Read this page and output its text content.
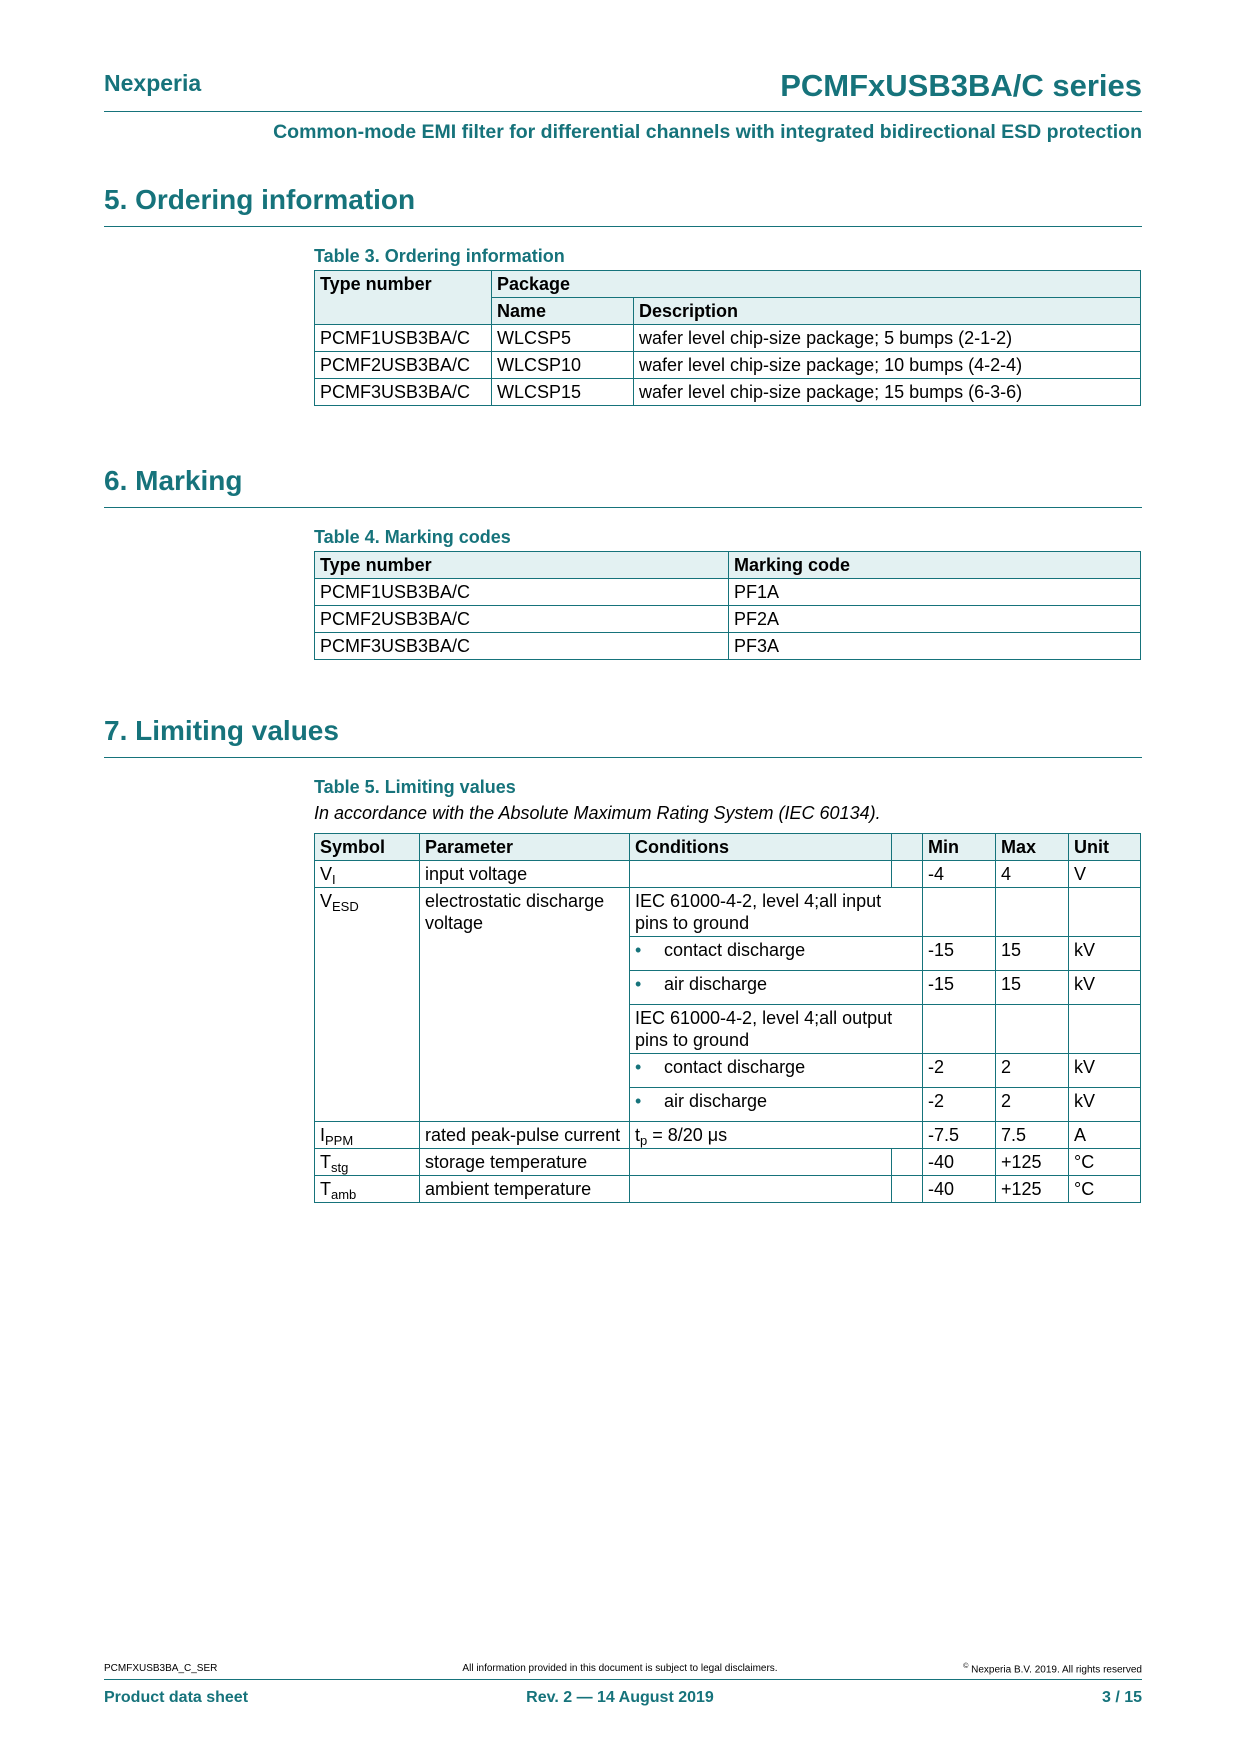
Nexperia	PCMFxUSB3BA/C series
Common-mode EMI filter for differential channels with integrated bidirectional ESD protection
5. Ordering information
Table 3. Ordering information
Type number	Package	
	Name	Description
PCMF1USB3BA/C	WLCSP5	wafer level chip-size package; 5 bumps (2-1-2)
PCMF2USB3BA/C	WLCSP10	wafer level chip-size package; 10 bumps (4-2-4)
PCMF3USB3BA/C	WLCSP15	wafer level chip-size package; 15 bumps (6-3-6)
6. Marking
Table 4. Marking codes
Type number	Marking code
PCMF1USB3BA/C	PF1A
PCMF2USB3BA/C	PF2A
PCMF3USB3BA/C	PF3A
7. Limiting values
Table 5. Limiting values
In accordance with the Absolute Maximum Rating System (IEC 60134).
Symbol	Parameter	Conditions		Min	Max	Unit
$V_I$	input voltage			-4	4	V
$V_{ESD}$	electrostatic discharge voltage	IEC 61000-4-2, level 4;all input pins to ground				
		• contact discharge		-15	15	kV
		• air discharge		-15	15	kV
		IEC 61000-4-2, level 4;all output pins to ground				
		• contact discharge		-2	2	kV
		• air discharge		-2	2	kV
$I_{PPM}$	rated peak-pulse current	$t_p = 8/20$ μs		-7.5	7.5	A
$T_{stg}$	storage temperature			-40	+125	°C
$T_{amb}$	ambient temperature			-40	+125	°C
PCMFXUSB3BA_C_SER	All information provided in this document is subject to legal disclaimers.	© Nexperia B.V. 2019. All rights reserved
Product data sheet	Rev. 2 — 14 August 2019	3 / 15
